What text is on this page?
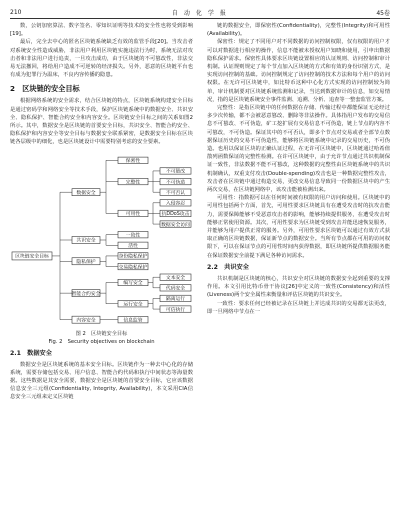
210	自　动　化　学　报	45卷

数，公钥加密算法、数字签名、零知识证明等技术的安全性也将受到影响[19]。

最后，完全去中心的匿名区块链系统缺乏有效的监管手段[20]。当攻击者对系统安全性造成威胁，非法用户利用区块链实施违法行为时，系统无法对攻击者和非法用户进行追责，一旦攻击成功，由于区块链的不可篡改性，非法交易无法撤回，将给用户造成不可逆转的经济损失。另外，恶意的区块链平台也有成为犯罪行为温床，不良内容传播的隐患。

2　区块链的安全目标

根据网络系统的安全需求，结合区块链的特点，区块链系统构建安全目标是通过密码学和网络安全等技术手段，保护区块链系统中的数据安全、共识安全、隐私保护、智能合约安全和内容安全。区块链安全目标之间的关系如图2所示。其中，数据安全是区块链的首要安全目标，共识安全、智能合约安全、隐私保护和内容安全等安全目标与数据安全联系紧密，是数据安全目标在区块链各层级中的细化，也是区块链设计中需要特别考虑的安全要素。

保密性
不可篡改
不可伪造
不可否认
完整性
入侵容忍
抗DDoS攻击
数据安全访问
可用性
数据安全
一致性
活性
共识安全
身份隐私保护
交易隐私保护
隐私保护
文本安全
代码安全
编写安全
隔离运行
可信执行
运行安全
智能合约安全
信息监管
内容安全
区块链安全目标
图 2　区块链安全目标
Fig. 2　Security objectives on blockchain
2.1　数据安全

数据安全是区块链系统的基本安全目标。区块链作为一种去中心化的存储系统，需要存储包括交易、用户信息、智能合约代码和执行中间状态等海量数据。这些数据是其安全需要，数据安全是区块链的首要安全目标，它应该数据信息安全三元组(Confidentiality, Integrity, Availability)，本文采用CIA信息安全三元组来定义区块链

链的数据安全，即保密性(Confidentiality)，完整性(Integrity)和可用性(Availability)。

保密性：规定了不同用户对不同数据的访问控制权限，仅有权限的用户才可以对数据进行相应的操作，信息不能被未授权用户知晓和使用，引申出数据隐私保护需求。保密性具体要求区块链设置相应的认证规则、访问控制和审计机制。认证规则规定了每个节点加入区块链的方式和有效的身份识别方式，是实现访问控制的基础。访问控制规定了访问控制的技术方法和每个用户的访问权限。在无许可区块链中，如比特币这种中心化方式实现的访问控制较为简单，审计机制要对区块链系统监测和记录，当达到数据审计的信息，如交易情况，指的是区块链系统安全事件监测、追溯、分析、追查等一整套监管方案。

完整性：是指区块链中的任何数据在存储、传输过程中都能保证无论经过多少次传输，都不会被恶意篡改、删除等非法操作。具体指用户发布的交易信息不可篡改、不可伪造，矿工挖扩展有交易信息不可伪造，链上节点的内容不可篡改，不可伪造。保证其中的不可否认，即多个节点对交易或者全部节点数据保证历史的交易不可伪造性，能够将区块链系统中记录的交易历史，不可伪造。也用以保证区块的正确认证过程，在无许可区块链中，区块链通过哈希值散列函数保证的完整性检测。在许可区块链中，由于允许节点通过共识机制保证一致性，非法数据不能不可篡改，这种数据的完整性由区块链系统中的共识机制确认，双重支付攻击(Double-spending)攻击也是一种数据完整性攻击，攻击者在区块链中通过构造交易，更改交易信息导致同一份数据区块中的产生两次交易，在区块链网络中，该攻击能被检测出来。

可用性：指数据可以在任何时间被有权限的用户访问和使用。区块链中的可用性包括两个方面，首先，可用性要求区块链具有在遭受攻击时的抗攻击能力，需要保障能够不受恶意攻击者的影响，能够持续提供服务，在遭受攻击时能够正常使用资源。其次，可用性要求为区块链受到攻击并能迅速恢复服务，并能够为用户提供正常的服务。另外，可用性要求区块链可以通过有效方式获取正确的区块链数据，保证新节点的数据安全。当所有节点都在可用的访问权限下，可以在保证节点的可用性时间内获得数据，即区块链所提供数据服务能在保证数据安全前提下满足各种访问需求。

2.2　共识安全

共识机制是区块链的核心，共识安全对区块链的数据安全起到重要的支撑作用。本文引用比特币骨干协议[26]中定义的一致性(Consistency)和活性(Liveness)两个安全属性来衡量和评估区块链的共识安全。

一致性：要求任何已经被记录在区块链上并达成共识的交易都无法更改，即一旦网络中节点在一
